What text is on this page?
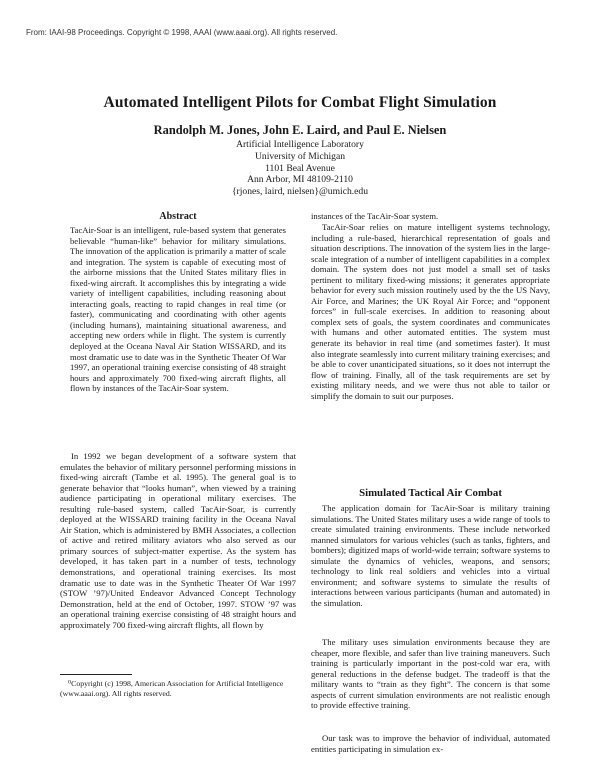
From: IAAI-98 Proceedings. Copyright © 1998, AAAI (www.aaai.org). All rights reserved.
Automated Intelligent Pilots for Combat Flight Simulation
Randolph M. Jones, John E. Laird, and Paul E. Nielsen
Artificial Intelligence Laboratory
University of Michigan
1101 Beal Avenue
Ann Arbor, MI 48109-2110
{rjones, laird, nielsen}@umich.edu
Abstract
TacAir-Soar is an intelligent, rule-based system that generates believable “human-like” behavior for military simulations. The innovation of the application is primarily a matter of scale and integration. The system is capable of executing most of the airborne missions that the United States military flies in fixed-wing aircraft. It accomplishes this by integrating a wide variety of intelligent capabilities, including reasoning about interacting goals, reacting to rapid changes in real time (or faster), communicating and coordinating with other agents (including humans), maintaining situational awareness, and accepting new orders while in flight. The system is currently deployed at the Oceana Naval Air Station WISSARD, and its most dramatic use to date was in the Synthetic Theater Of War 1997, an operational training exercise consisting of 48 straight hours and approximately 700 fixed-wing aircraft flights, all flown by instances of the TacAir-Soar system.
In 1992 we began development of a software system that emulates the behavior of military personnel performing missions in fixed-wing aircraft (Tambe et al. 1995). The general goal is to generate behavior that “looks human”, when viewed by a training audience participating in operational military exercises. The resulting rule-based system, called TacAir-Soar, is currently deployed at the WISSARD training facility in the Oceana Naval Air Station, which is administered by BMH Associates, a collection of active and retired military aviators who also served as our primary sources of subject-matter expertise. As the system has developed, it has taken part in a number of tests, technology demonstrations, and operational training exercises. Its most dramatic use to date was in the Synthetic Theater Of War 1997 (STOW ’97)/United Endeavor Advanced Concept Technology Demonstration, held at the end of October, 1997. STOW ’97 was an operational training exercise consisting of 48 straight hours and approximately 700 fixed-wing aircraft flights, all flown by
⁰Copyright (c) 1998, American Association for Artificial Intelligence (www.aaai.org). All rights reserved.
instances of the TacAir-Soar system.
TacAir-Soar relies on mature intelligent systems technology, including a rule-based, hierarchical representation of goals and situation descriptions. The innovation of the system lies in the large-scale integration of a number of intelligent capabilities in a complex domain. The system does not just model a small set of tasks pertinent to military fixed-wing missions; it generates appropriate behavior for every such mission routinely used by the the US Navy, Air Force, and Marines; the UK Royal Air Force; and “opponent forces” in full-scale exercises. In addition to reasoning about complex sets of goals, the system coordinates and communicates with humans and other automated entities. The system must generate its behavior in real time (and sometimes faster). It must also integrate seamlessly into current military training exercises; and be able to cover unanticipated situations, so it does not interrupt the flow of training. Finally, all of the task requirements are set by existing military needs, and we were thus not able to tailor or simplify the domain to suit our purposes.
Simulated Tactical Air Combat
The application domain for TacAir-Soar is military training simulations. The United States military uses a wide range of tools to create simulated training environments. These include networked manned simulators for various vehicles (such as tanks, fighters, and bombers); digitized maps of world-wide terrain; software systems to simulate the dynamics of vehicles, weapons, and sensors; technology to link real soldiers and vehicles into a virtual environment; and software systems to simulate the results of interactions between various participants (human and automated) in the simulation.
The military uses simulation environments because they are cheaper, more flexible, and safer than live training maneuvers. Such training is particularly important in the post-cold war era, with general reductions in the defense budget. The tradeoff is that the military wants to “train as they fight”. The concern is that some aspects of current simulation environments are not realistic enough to provide effective training.
Our task was to improve the behavior of individual, automated entities participating in simulation ex-
